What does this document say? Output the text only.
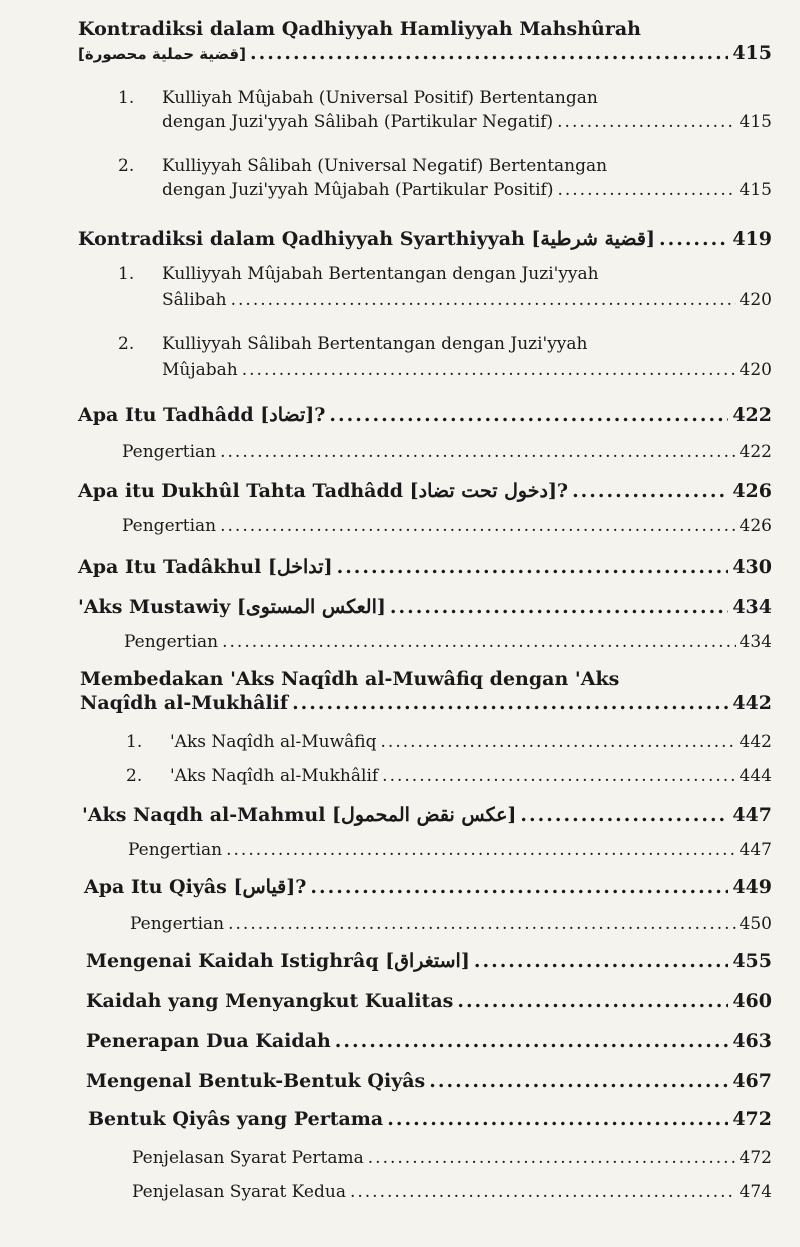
Kontradiksi dalam Qadhiyyah Hamliyyah Mahshûrah
[قضية حملية محصورة] .....	415
1. Kulliyah Mûjabah (Universal Positif) Bertentangan
dengan Juzi'yyah Sâlibah (Partikular Negatif) .....	415
2. Kulliyyah Sâlibah (Universal Negatif) Bertentangan
dengan Juzi'yyah Mûjabah (Partikular Positif) .....	415
Kontradiksi dalam Qadhiyyah Syarthiyyah [قضية شرطية] .....	419
1. Kulliyyah Mûjabah Bertentangan dengan Juzi'yyah
Sâlibah .....	420
2. Kulliyyah Sâlibah Bertentangan dengan Juzi'yyah
Mûjabah .....	420
Apa Itu Tadhâdd [تضاد]? .....	422
Pengertian .....	422
Apa itu Dukhûl Tahta Tadhâdd [دخول تحت تضاد]? .....	426
Pengertian .....	426
Apa Itu Tadâkhul [تداخل] .....	430
'Aks Mustawiy [العكس المستوى] .....	434
Pengertian .....	434
Membedakan 'Aks Naqîdh al-Muwâfiq dengan 'Aks
Naqîdh al-Mukhâlif .....	442
1. 'Aks Naqîdh al-Muwâfiq .....	442
2. 'Aks Naqîdh al-Mukhâlif .....	444
'Aks Naqdh al-Mahmul [عكس نقض المحمول] .....	447
Pengertian .....	447
Apa Itu Qiyâs [قياس]? .....	449
Pengertian .....	450
Mengenai Kaidah Istighrâq [استغراق] .....	455
Kaidah yang Menyangkut Kualitas .....	460
Penerapan Dua Kaidah .....	463
Mengenal Bentuk-Bentuk Qiyâs .....	467
Bentuk Qiyâs yang Pertama .....	472
Penjelasan Syarat Pertama .....	472
Penjelasan Syarat Kedua .....	474
